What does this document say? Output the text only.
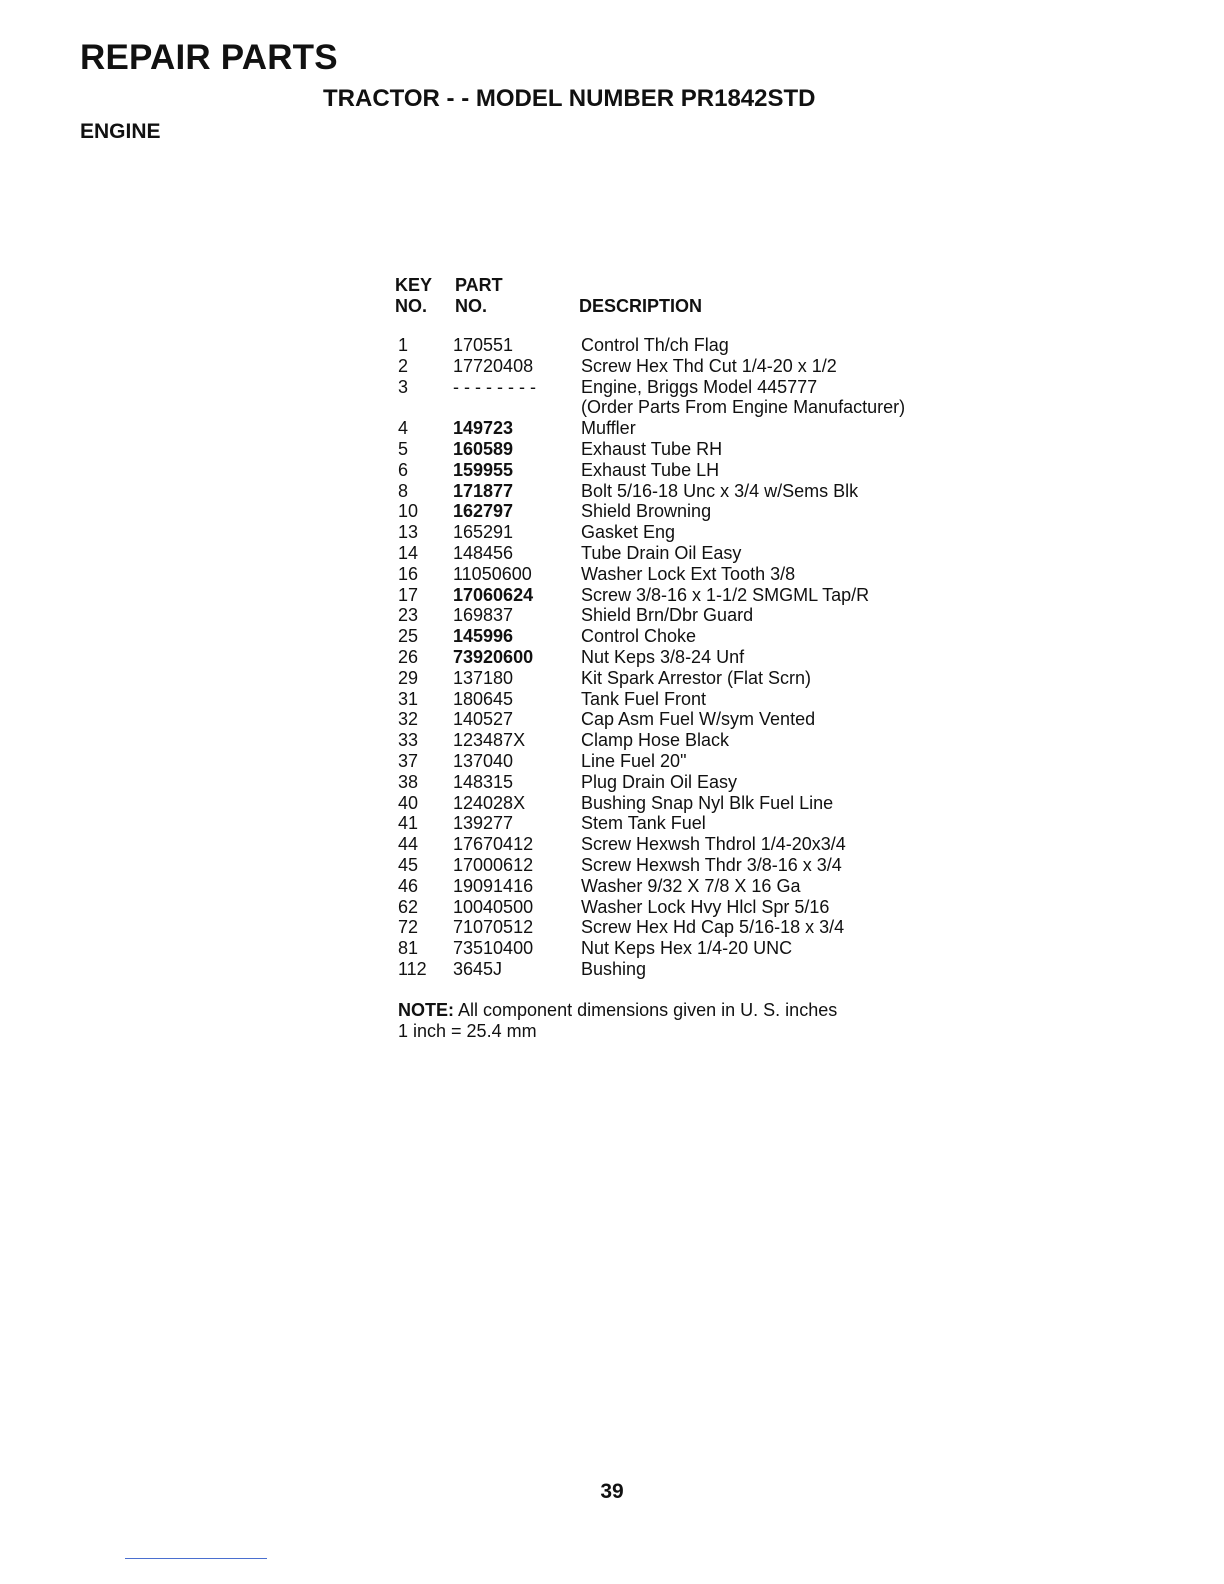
REPAIR PARTS
TRACTOR - - MODEL NUMBER PR1842STD
ENGINE
KEY
NO.
PART
NO.	DESCRIPTION
1 170551	Control Th/ch Flag
2 17720408	Screw Hex Thd Cut 1/4-20 x 1/2
3 - - - - - - - -	Engine, Briggs Model 445777
(Order Parts From Engine Manufacturer)
4 149723	Muffler
5 160589	Exhaust Tube RH
6 159955	Exhaust Tube LH
8 171877	Bolt 5/16-18 Unc x 3/4 w/Sems Blk
10 162797	Shield Browning
13 165291	Gasket Eng
14 148456	Tube Drain Oil Easy
16 11050600	Washer Lock Ext Tooth 3/8
17 17060624	Screw 3/8-16 x 1-1/2 SMGML Tap/R
23 169837	Shield Brn/Dbr Guard
25 145996	Control Choke
26 73920600	Nut Keps 3/8-24 Unf
29 137180	Kit Spark Arrestor (Flat Scrn)
31 180645	Tank Fuel Front
32 140527	Cap Asm Fuel W/sym Vented
33 123487X	Clamp Hose Black
37 137040	Line Fuel 20"
38 148315	Plug Drain Oil Easy
40 124028X	Bushing Snap Nyl Blk Fuel Line
41 139277	Stem Tank Fuel
44 17670412	Screw Hexwsh Thdrol 1/4-20x3/4
45 17000612	Screw Hexwsh Thdr 3/8-16 x 3/4
46 19091416	Washer 9/32 X 7/8 X 16 Ga
62 10040500	Washer Lock Hvy Hlcl Spr 5/16
72 71070512	Screw Hex Hd Cap 5/16-18 x 3/4
81 73510400	Nut Keps Hex 1/4-20 UNC
112 3645J	Bushing
NOTE: All component dimensions given in U. S. inches 1 inch = 25.4 mm
39
